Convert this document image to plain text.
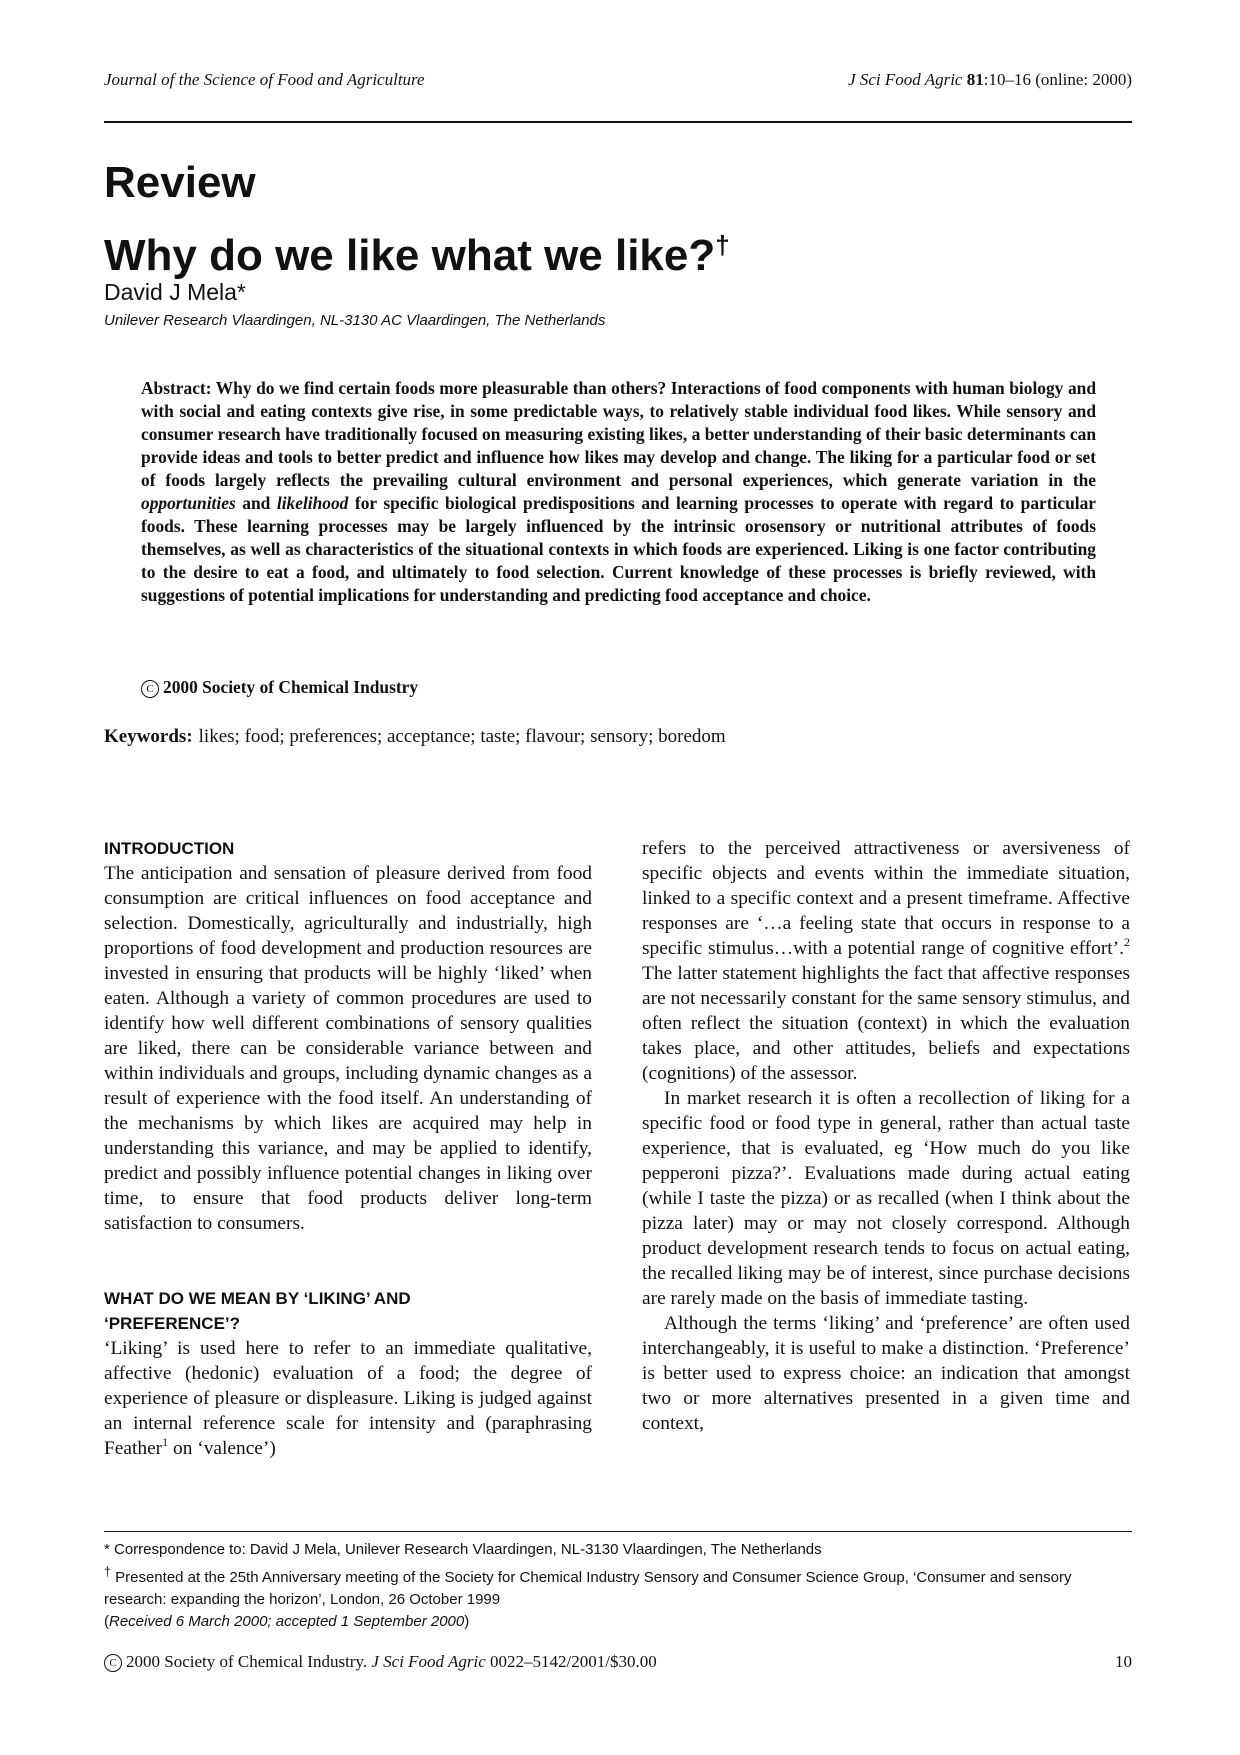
Journal of the Science of Food and Agriculture	J Sci Food Agric 81:10–16 (online: 2000)
Review
Why do we like what we like?†
David J Mela*
Unilever Research Vlaardingen, NL-3130 AC Vlaardingen, The Netherlands

Abstract: Why do we find certain foods more pleasurable than others? Interactions of food components with human biology and with social and eating contexts give rise, in some predictable ways, to relatively stable individual food likes. While sensory and consumer research have traditionally focused on measuring existing likes, a better understanding of their basic determinants can provide ideas and tools to better predict and influence how likes may develop and change. The liking for a particular food or set of foods largely reflects the prevailing cultural environment and personal experiences, which generate variation in the opportunities and likelihood for specific biological predispositions and learning processes to operate with regard to particular foods. These learning processes may be largely influenced by the intrinsic orosensory or nutritional attributes of foods themselves, as well as characteristics of the situational contexts in which foods are experienced. Liking is one factor contributing to the desire to eat a food, and ultimately to food selection. Current knowledge of these processes is briefly reviewed, with suggestions of potential implications for understanding and predicting food acceptance and choice.

C 2000 Society of Chemical Industry
Keywords: likes; food; preferences; acceptance; taste; flavour; sensory; boredom
INTRODUCTION

The anticipation and sensation of pleasure derived from food consumption are critical influences on food acceptance and selection. Domestically, agriculturally and industrially, high proportions of food development and production resources are invested in ensuring that products will be highly ‘liked’ when eaten. Although a variety of common procedures are used to identify how well different combinations of sensory qualities are liked, there can be considerable variance between and within individuals and groups, including dynamic changes as a result of experience with the food itself. An understanding of the mechanisms by which likes are acquired may help in understanding this variance, and may be applied to identify, predict and possibly influence potential changes in liking over time, to ensure that food products deliver long-term satisfaction to consumers.

WHAT DO WE MEAN BY ‘LIKING’ AND
‘PREFERENCE’?

‘Liking’ is used here to refer to an immediate qualitative, affective (hedonic) evaluation of a food; the degree of experience of pleasure or displeasure. Liking is judged against an internal reference scale for intensity and (paraphrasing Feather$^1$ on ‘valence’)

refers to the perceived attractiveness or aversiveness of specific objects and events within the immediate situation, linked to a specific context and a present timeframe. Affective responses are ‘…a feeling state that occurs in response to a specific stimulus…with a potential range of cognitive effort’.$^2$ The latter statement highlights the fact that affective responses are not necessarily constant for the same sensory stimulus, and often reflect the situation (context) in which the evaluation takes place, and other attitudes, beliefs and expectations (cognitions) of the assessor.

In market research it is often a recollection of liking for a specific food or food type in general, rather than actual taste experience, that is evaluated, eg ‘How much do you like pepperoni pizza?’. Evaluations made during actual eating (while I taste the pizza) or as recalled (when I think about the pizza later) may or may not closely correspond. Although product development research tends to focus on actual eating, the recalled liking may be of interest, since purchase decisions are rarely made on the basis of immediate tasting.

Although the terms ‘liking’ and ‘preference’ are often used interchangeably, it is useful to make a distinction. ‘Preference’ is better used to express choice: an indication that amongst two or more alternatives presented in a given time and context,

* Correspondence to: David J Mela, Unilever Research Vlaardingen, NL-3130 Vlaardingen, The Netherlands

† Presented at the 25th Anniversary meeting of the Society for Chemical Industry Sensory and Consumer Science Group, ‘Consumer and sensory research: expanding the horizon’, London, 26 October 1999

(Received 6 March 2000; accepted 1 September 2000)

C 2000 Society of Chemical Industry. J Sci Food Agric 0022–5142/2001/$30.00	10
